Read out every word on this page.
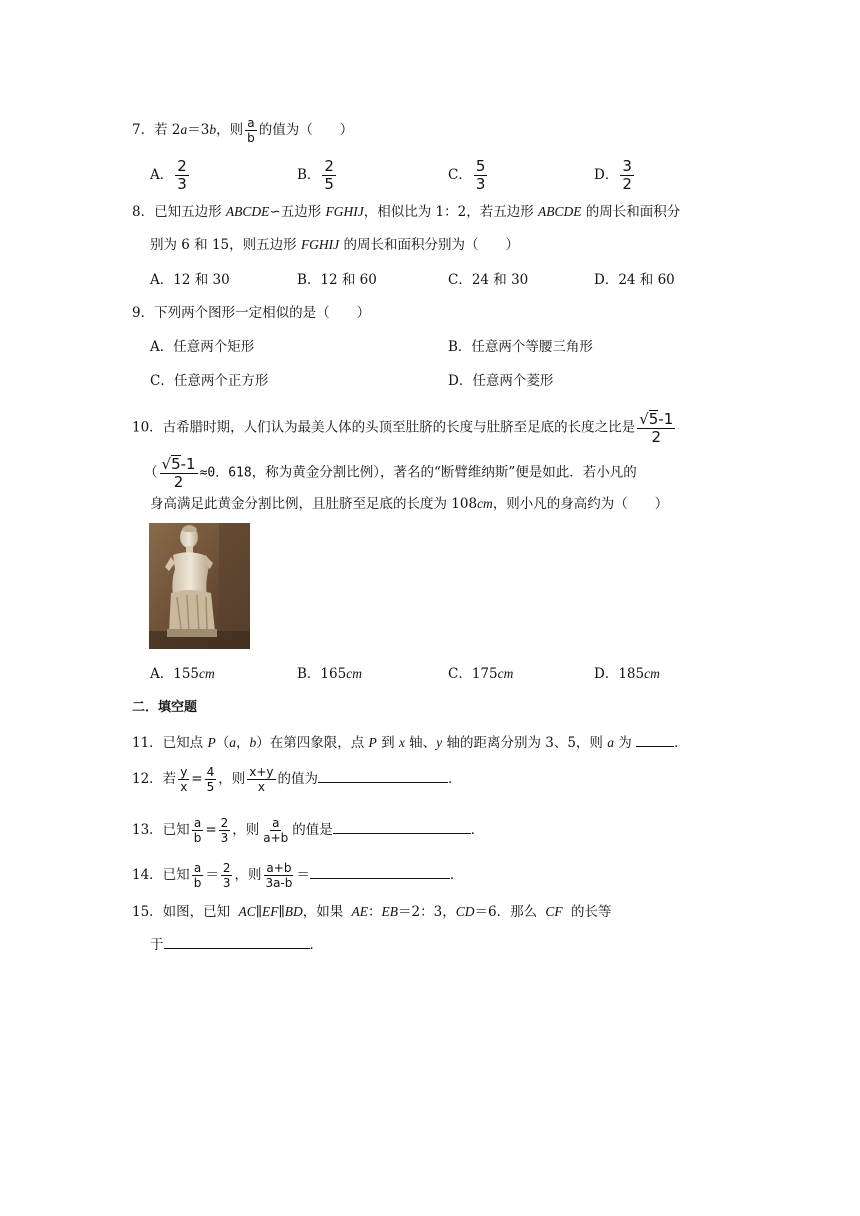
7．若 2a＝3b，则 $\frac{a}{b}$ 的值为（　　）
A． $\frac{2}{3}$	B． $\frac{2}{5}$	C． $\frac{5}{3}$	D． $\frac{3}{2}$
8．已知五边形 ABCDE∽五边形 FGHIJ，相似比为 1：2，若五边形 ABCDE 的周长和面积分
别为 6 和 15，则五边形 FGHIJ 的周长和面积分别为（　　）
A．12 和 30	B．12 和 60	C．24 和 30	D．24 和 60
9．下列两个图形一定相似的是（　　）
A．任意两个矩形	B．任意两个等腰三角形
C．任意两个正方形	D．任意两个菱形
10．古希腊时期，人们认为最美人体的头顶至肚脐的长度与肚脐至足底的长度之比是 $\frac{√5-1}{2}$
（ $\frac{√5-1}{2} \approx 0$．618，称为黄金分割比例），著名的“断臂维纳斯”便是如此．若小凡的
身高满足此黄金分割比例，且肚脐至足底的长度为 108cm，则小凡的身高约为（　　）
A．155cm	B．165cm	C．175cm	D．185cm
二．填空题
11．已知点 P（a，b）在第四象限，点 P 到 x 轴、y 轴的距离分别为 3、5，则 a 为	．
12．若 $\frac{y}{x} = \frac{4}{5}$ ，则 $\frac{x+y}{x}$ 的值为	．
13．已知 $\frac{a}{b} = \frac{2}{3}$ ，则 $\frac{a}{a+b}$ 的值是	．
14．已知 $\frac{a}{b} = \frac{2}{3}$ ，则 $\frac{a+b}{3a-b}$ ＝	．
15．如图，已知 AC∥EF∥BD，如果 AE：EB＝2：3，CD＝6．那么 CF 的长等
于	．
